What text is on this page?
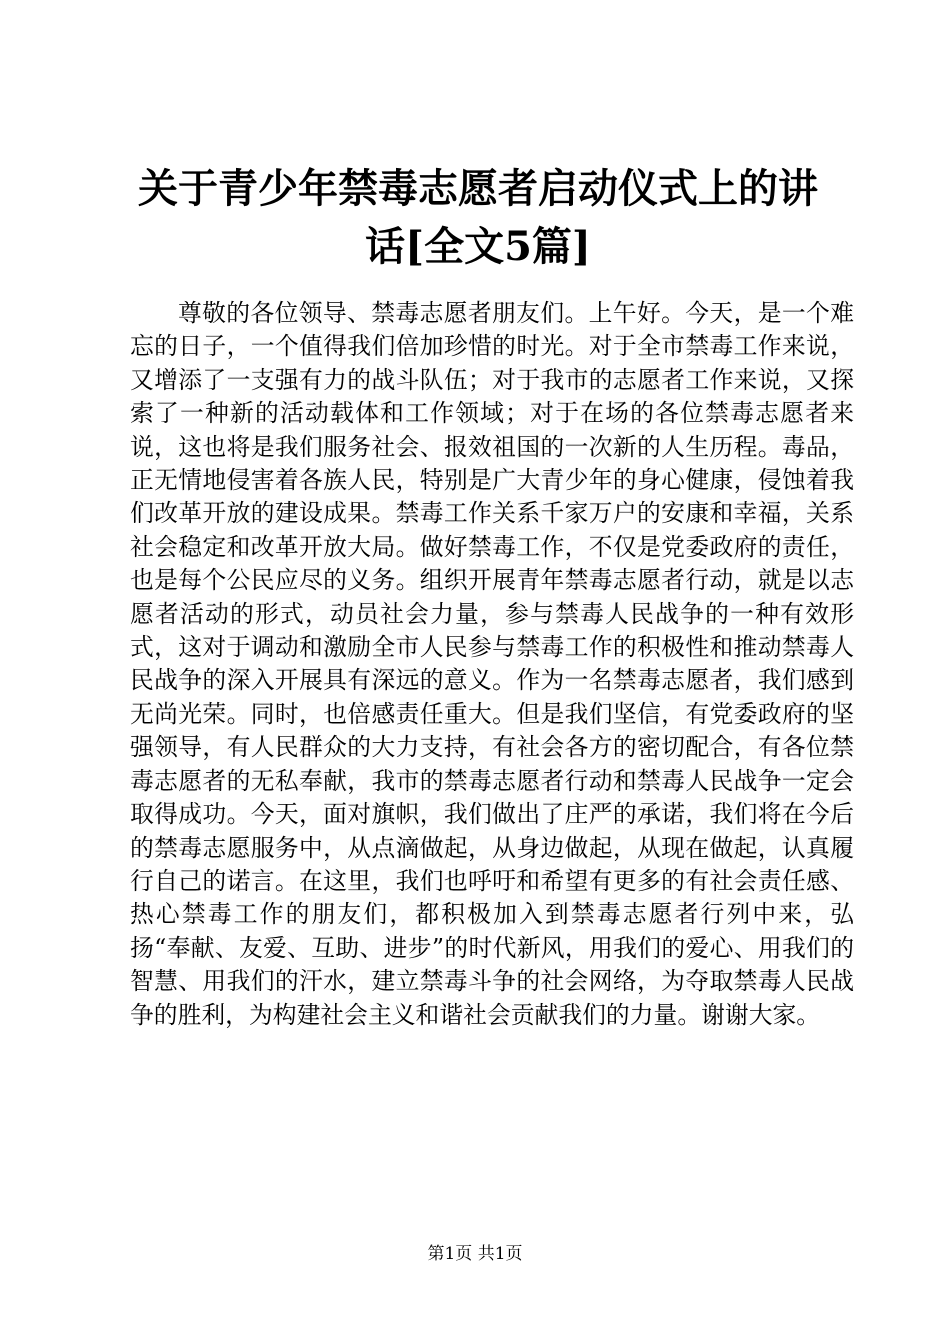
关于青少年禁毒志愿者启动仪式上的讲话[全文5篇]

尊敬的各位领导、禁毒志愿者朋友们。上午好。今天，是一个难忘的日子，一个值得我们倍加珍惜的时光。对于全市禁毒工作来说，又增添了一支强有力的战斗队伍；对于我市的志愿者工作来说，又探索了一种新的活动载体和工作领域；对于在场的各位禁毒志愿者来说，这也将是我们服务社会、报效祖国的一次新的人生历程。毒品，正无情地侵害着各族人民，特别是广大青少年的身心健康，侵蚀着我们改革开放的建设成果。禁毒工作关系千家万户的安康和幸福，关系社会稳定和改革开放大局。做好禁毒工作，不仅是党委政府的责任，也是每个公民应尽的义务。组织开展青年禁毒志愿者行动，就是以志愿者活动的形式，动员社会力量，参与禁毒人民战争的一种有效形式，这对于调动和激励全市人民参与禁毒工作的积极性和推动禁毒人民战争的深入开展具有深远的意义。作为一名禁毒志愿者，我们感到无尚光荣。同时，也倍感责任重大。但是我们坚信，有党委政府的坚强领导，有人民群众的大力支持，有社会各方的密切配合，有各位禁毒志愿者的无私奉献，我市的禁毒志愿者行动和禁毒人民战争一定会取得成功。今天，面对旗帜，我们做出了庄严的承诺，我们将在今后的禁毒志愿服务中，从点滴做起，从身边做起，从现在做起，认真履行自己的诺言。在这里，我们也呼吁和希望有更多的有社会责任感、热心禁毒工作的朋友们，都积极加入到禁毒志愿者行列中来，弘扬“奉献、友爱、互助、进步”的时代新风，用我们的爱心、用我们的智慧、用我们的汗水，建立禁毒斗争的社会网络，为夺取禁毒人民战争的胜利，为构建社会主义和谐社会贡献我们的力量。谢谢大家。

第1页 共1页
